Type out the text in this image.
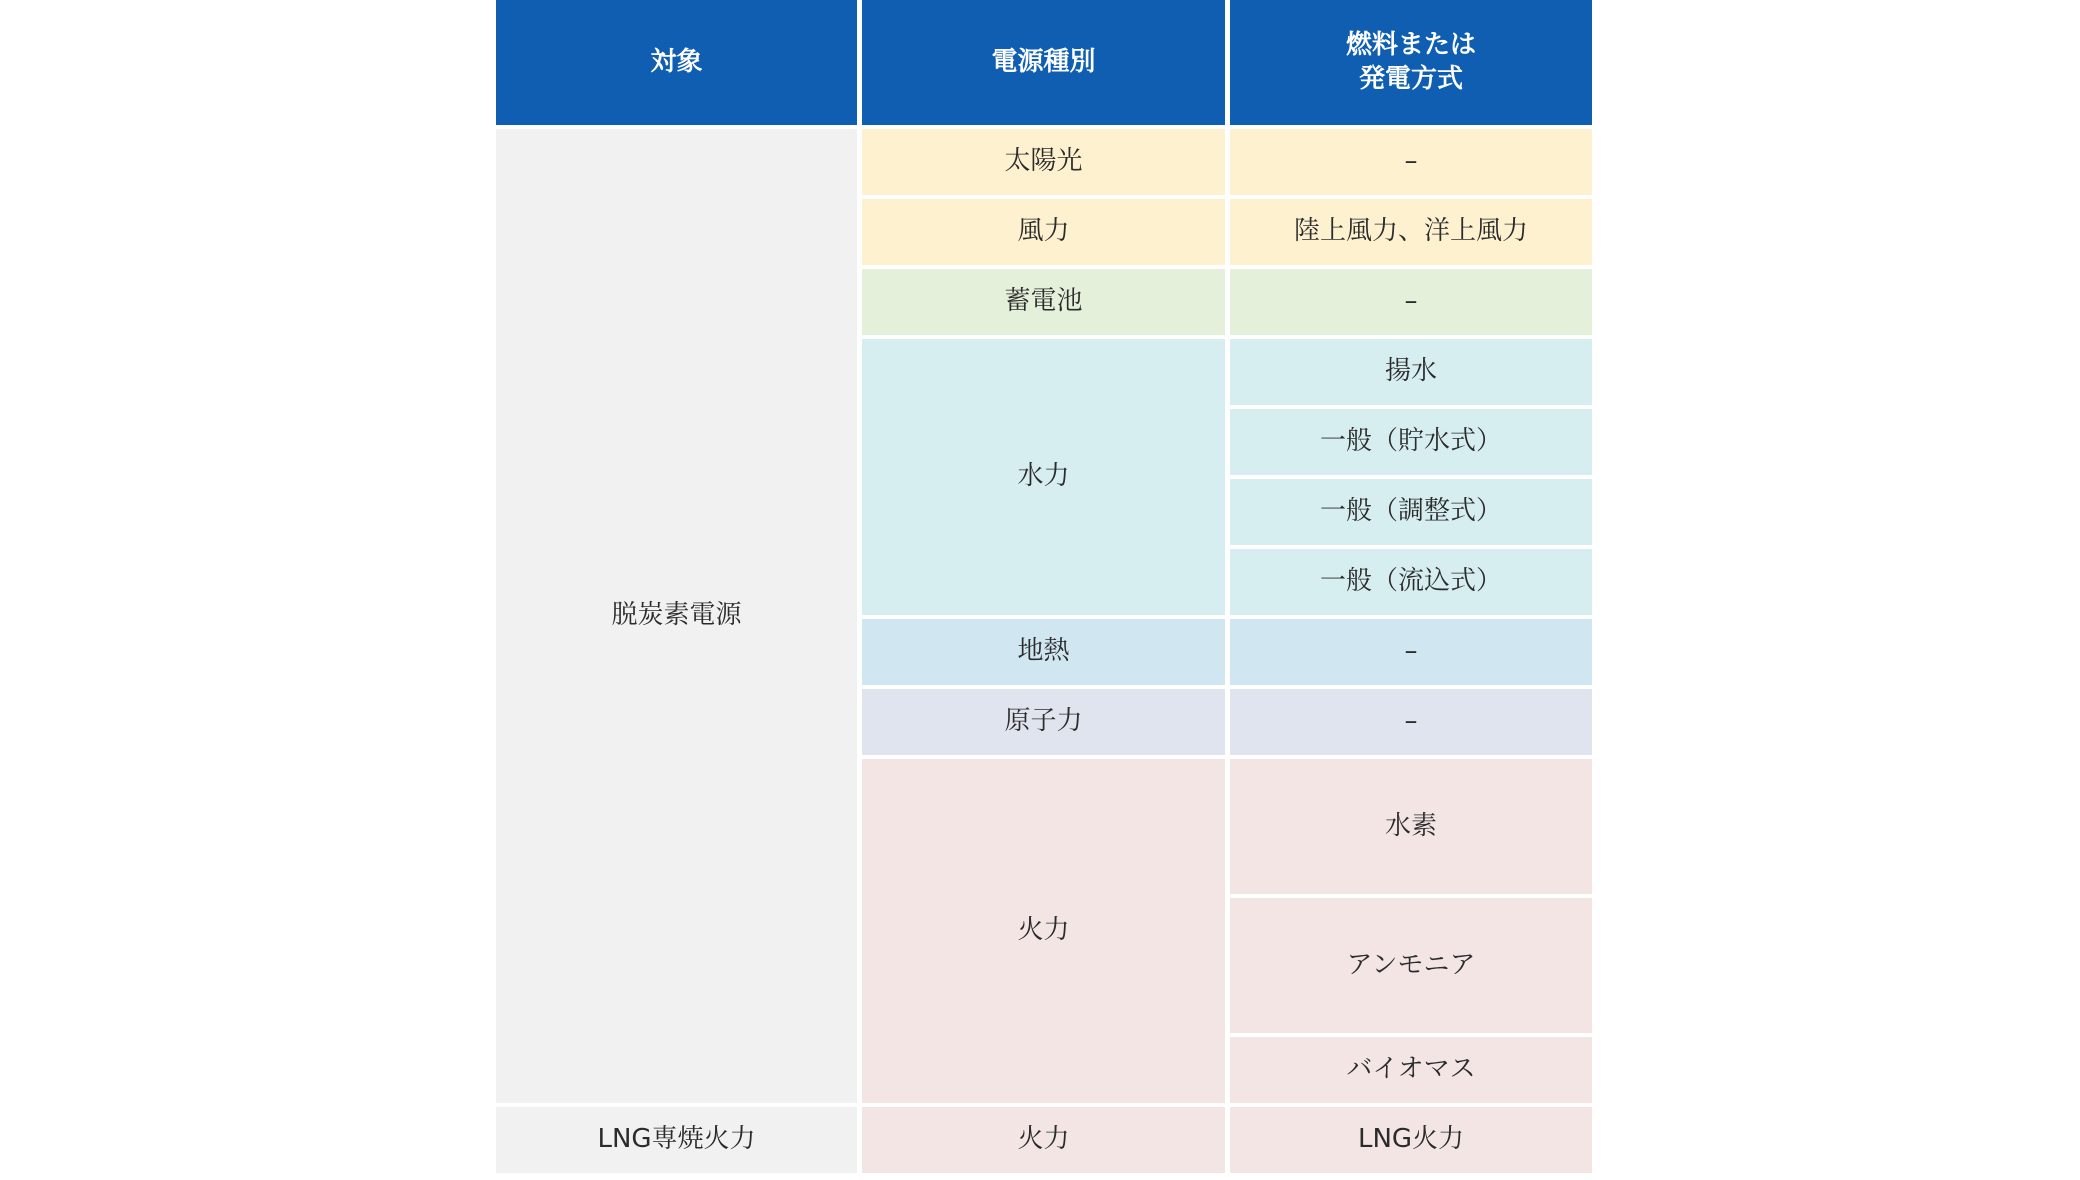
対象	電源種別
燃料または
発電方式
脱炭素電源
LNG専焼火力
太陽光
風力
蓄電池
水力
地熱
原子力
火力
火力
–
陸上風力、洋上風力
–
揚水
一般（貯水式）
一般（調整式）
一般（流込式）
–
–
水素
アンモニア
バイオマス
LNG火力
